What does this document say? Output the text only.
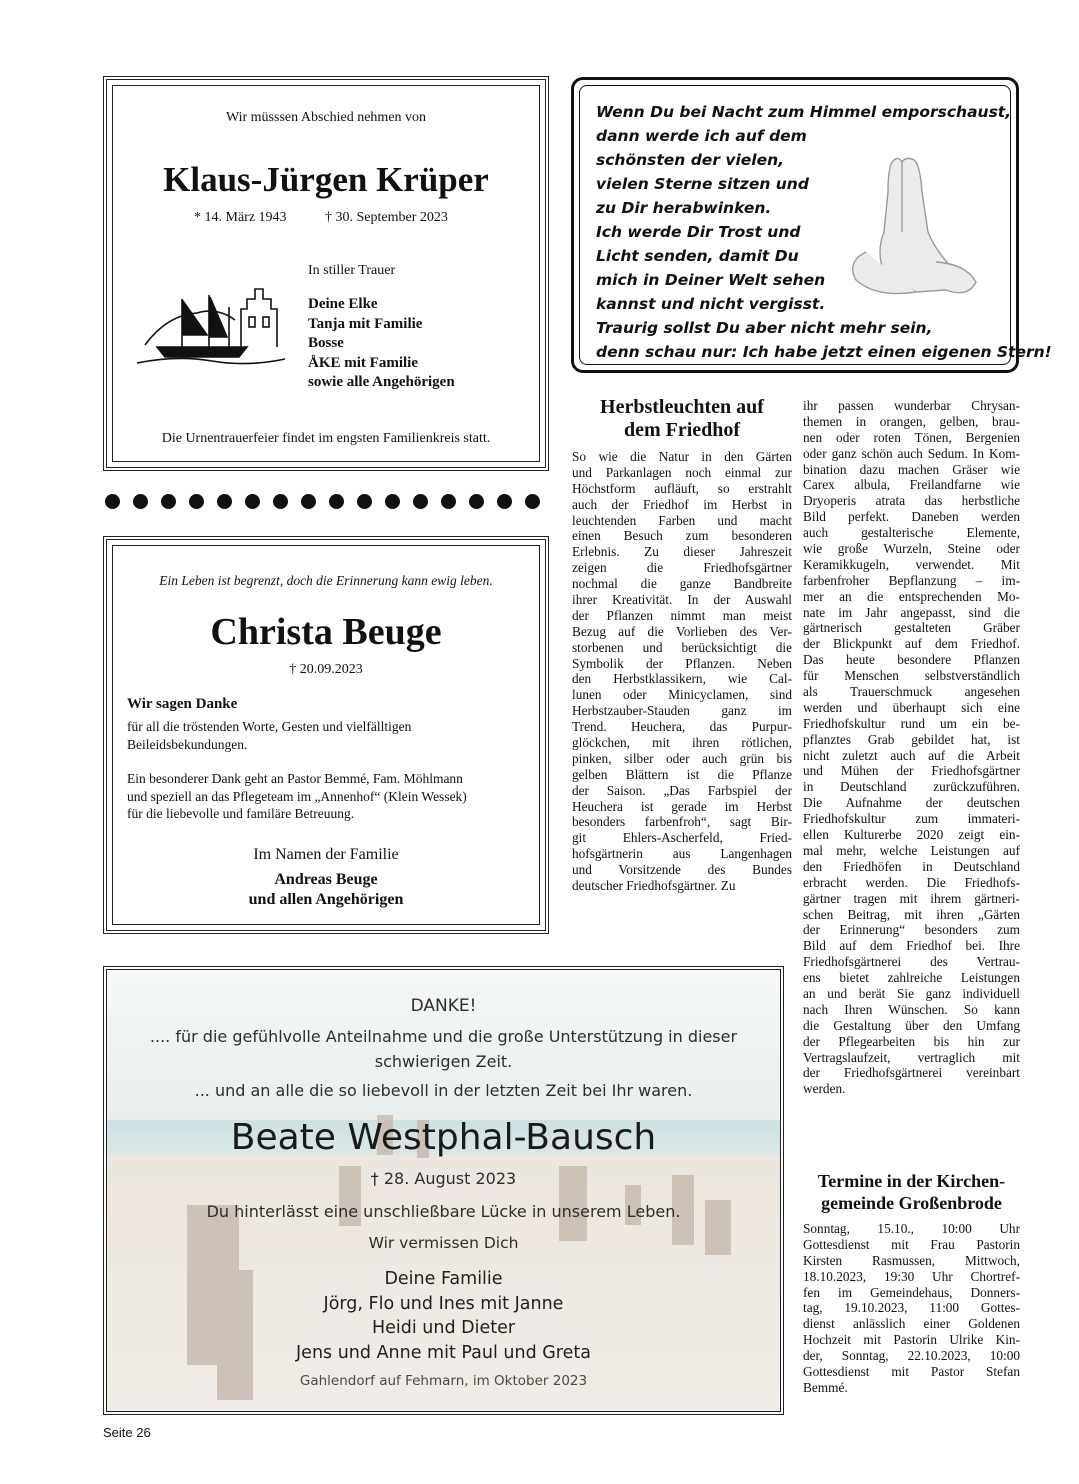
Wir müsssen Abschied nehmen von
Klaus-Jürgen Krüper
* 14. März 1943	† 30. September 2023
In stiller Trauer
Deine Elke
Tanja mit Familie
Bosse
ÅKE mit Familie
sowie alle Angehörigen
Die Urnentrauerfeier findet im engsten Familienkreis statt.
Ein Leben ist begrenzt, doch die Erinnerung kann ewig leben.
Christa Beuge
† 20.09.2023
Wir sagen Danke
für all die tröstenden Worte, Gesten und vielfälltigen
Beileidsbekundungen.
Ein besonderer Dank geht an Pastor Bemmé, Fam. Möhlmann
und speziell an das Pflegeteam im „Annenhof“ (Klein Wessek)
für die liebevolle und familäre Betreuung.
Im Namen der Familie
Andreas Beuge
und allen Angehörigen
Wenn Du bei Nacht zum Himmel emporschaust,
dann werde ich auf dem
schönsten der vielen,
vielen Sterne sitzen und
zu Dir herabwinken.
Ich werde Dir Trost und
Licht senden, damit Du
mich in Deiner Welt sehen
kannst und nicht vergisst.
Traurig sollst Du aber nicht mehr sein,
denn schau nur: Ich habe jetzt einen eigenen Stern!
Herbstleuchten auf
dem Friedhof
So wie die Natur in den Gärten
und Parkanlagen noch einmal zur
Höchstform aufläuft, so erstrahlt
auch der Friedhof im Herbst in
leuchtenden Farben und macht
einen Besuch zum besonderen
Erlebnis. Zu dieser Jahreszeit
zeigen die Friedhofsgärtner
nochmal die ganze Bandbreite
ihrer Kreativität. In der Auswahl
der Pflanzen nimmt man meist
Bezug auf die Vorlieben des Ver-
storbenen und berücksichtigt die
Symbolik der Pflanzen. Neben
den Herbstklassikern, wie Cal-
lunen oder Minicyclamen, sind
Herbstzauber-Stauden ganz im
Trend. Heuchera, das Purpur-
glöckchen, mit ihren rötlichen,
pinken, silber oder auch grün bis
gelben Blättern ist die Pflanze
der Saison. „Das Farbspiel der
Heuchera ist gerade im Herbst
besonders farbenfroh“, sagt Bir-
git Ehlers-Ascherfeld, Fried-
hofsgärtnerin aus Langenhagen
und Vorsitzende des Bundes
deutscher Friedhofsgärtner. Zu
ihr passen wunderbar Chrysan-
themen in orangen, gelben, brau-
nen oder roten Tönen, Bergenien
oder ganz schön auch Sedum. In Kom-
bination dazu machen Gräser wie
Carex albula, Freilandfarne wie
Dryoperis atrata das herbstliche
Bild perfekt. Daneben werden
auch gestalterische Elemente,
wie große Wurzeln, Steine oder
Keramikkugeln, verwendet. Mit
farbenfroher Bepflanzung – im-
mer an die entsprechenden Mo-
nate im Jahr angepasst, sind die
gärtnerisch gestalteten Gräber
der Blickpunkt auf dem Friedhof.
Das heute besondere Pflanzen
für Menschen selbstverständlich
als Trauerschmuck angesehen
werden und überhaupt sich eine
Friedhofskultur rund um ein be-
pflanztes Grab gebildet hat, ist
nicht zuletzt auch auf die Arbeit
und Mühen der Friedhofsgärtner
in Deutschland zurückzuführen.
Die Aufnahme der deutschen
Friedhofskultur zum immateri-
ellen Kulturerbe 2020 zeigt ein-
mal mehr, welche Leistungen auf
den Friedhöfen in Deutschland
erbracht werden. Die Friedhofs-
gärtner tragen mit ihrem gärtneri-
schen Beitrag, mit ihren „Gärten
der Erinnerung“ besonders zum
Bild auf dem Friedhof bei. Ihre
Friedhofsgärtnerei des Vertrau-
ens bietet zahlreiche Leistungen
an und berät Sie ganz individuell
nach Ihren Wünschen. So kann
die Gestaltung über den Umfang
der Pflegearbeiten bis hin zur
Vertragslaufzeit, vertraglich mit
der Friedhofsgärtnerei vereinbart
werden.
Termine in der Kirchen-
gemeinde Großenbrode
Sonntag, 15.10., 10:00 Uhr
Gottesdienst mit Frau Pastorin
Kirsten Rasmussen, Mittwoch,
18.10.2023, 19:30 Uhr Chortref-
fen im Gemeindehaus, Donners-
tag, 19.10.2023, 11:00 Gottes-
dienst anlässlich einer Goldenen
Hochzeit mit Pastorin Ulrike Kin-
der, Sonntag, 22.10.2023, 10:00
Gottesdienst mit Pastor Stefan
Bemmé.
DANKE!
.... für die gefühlvolle Anteilnahme und die große Unterstützung in dieser
schwierigen Zeit.
... und an alle die so liebevoll in der letzten Zeit bei Ihr waren.
Beate Westphal-Bausch
† 28. August 2023
Du hinterlässt eine unschließbare Lücke in unserem Leben.
Wir vermissen Dich
Deine Familie
Jörg, Flo und Ines mit Janne
Heidi und Dieter
Jens und Anne mit Paul und Greta
Gahlendorf auf Fehmarn, im Oktober 2023
Seite 26
